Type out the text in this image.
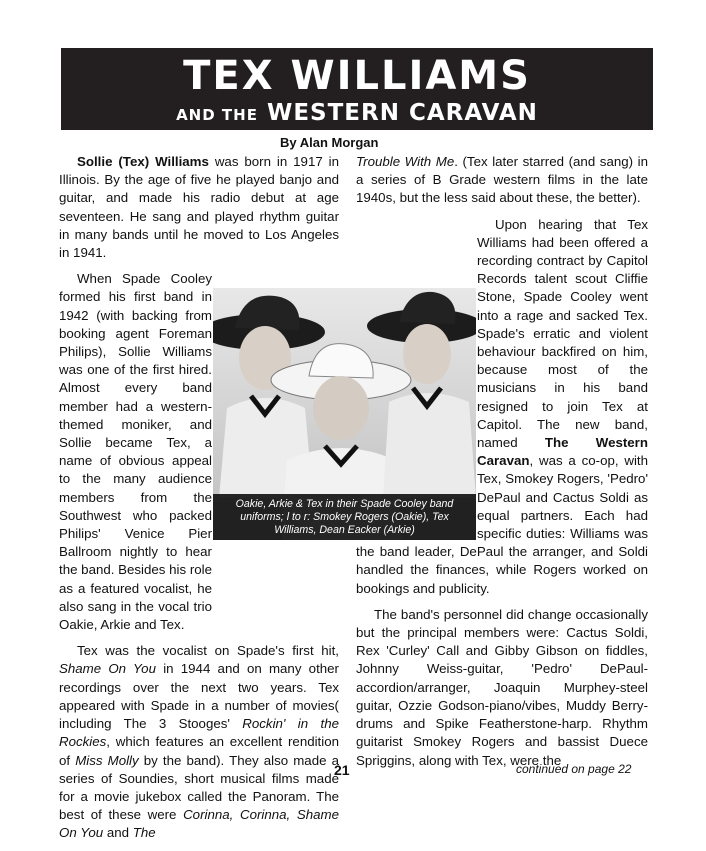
TEX WILLIAMS
AND THE WESTERN CARAVAN
By Alan Morgan

Sollie (Tex) Williams was born in 1917 in Illinois. By the age of five he played banjo and guitar, and made his radio debut at age seventeen. He sang and played rhythm guitar in many bands until he moved to Los Angeles in 1941.

When Spade Cooley formed his first band in 1942 (with backing from booking agent Foreman Philips), Sollie Williams was one of the first hired. Almost every band member had a western-themed moniker, and Sollie became Tex, a name of obvious appeal to the many audience members from the Southwest who packed Philips' Venice Pier Ballroom nightly to hear the band. Besides his role as a featured vocalist, he also sang in the vocal trio Oakie, Arkie and Tex.

Tex was the vocalist on Spade's first hit, Shame On You in 1944 and on many other recordings over the next two years. Tex appeared with Spade in a number of movies( including The 3 Stooges' Rockin' in the Rockies, which features an excellent rendition of Miss Molly by the band). They also made a series of Soundies, short musical films made for a movie jukebox called the Panoram. The best of these were Corinna, Corinna, Shame On You and The

Trouble With Me. (Tex later starred (and sang) in a series of B Grade western films in the late 1940s, but the less said about these, the better).

Upon hearing that Tex Williams had been offered a recording contract by Capitol Records talent scout Cliffie Stone, Spade Cooley went into a rage and sacked Tex. Spade's erratic and violent behaviour backfired on him, because most of the musicians in his band resigned to join Tex at Capitol. The new band, named The Western Caravan, was a co-op, with Tex, Smokey Rogers, 'Pedro' DePaul and Cactus Soldi as equal partners. Each had specific duties: Williams was the band leader, DePaul the arranger, and Soldi handled the finances, while Rogers worked on bookings and publicity.

The band's personnel did change occasionally but the principal members were: Cactus Soldi, Rex 'Curley' Call and Gibby Gibson on fiddles, Johnny Weiss-guitar, 'Pedro' DePaul-accordion/arranger, Joaquin Murphey-steel guitar, Ozzie Godson-piano/vibes, Muddy Berry-drums and Spike Featherstone-harp. Rhythm guitarist Smokey Rogers and bassist Duece Spriggins, along with Tex, were the

Oakie, Arkie & Tex in their Spade Cooley band uniforms; l to r: Smokey Rogers (Oakie), Tex Williams, Dean Eacker (Arkie)
21	continued on page 22
